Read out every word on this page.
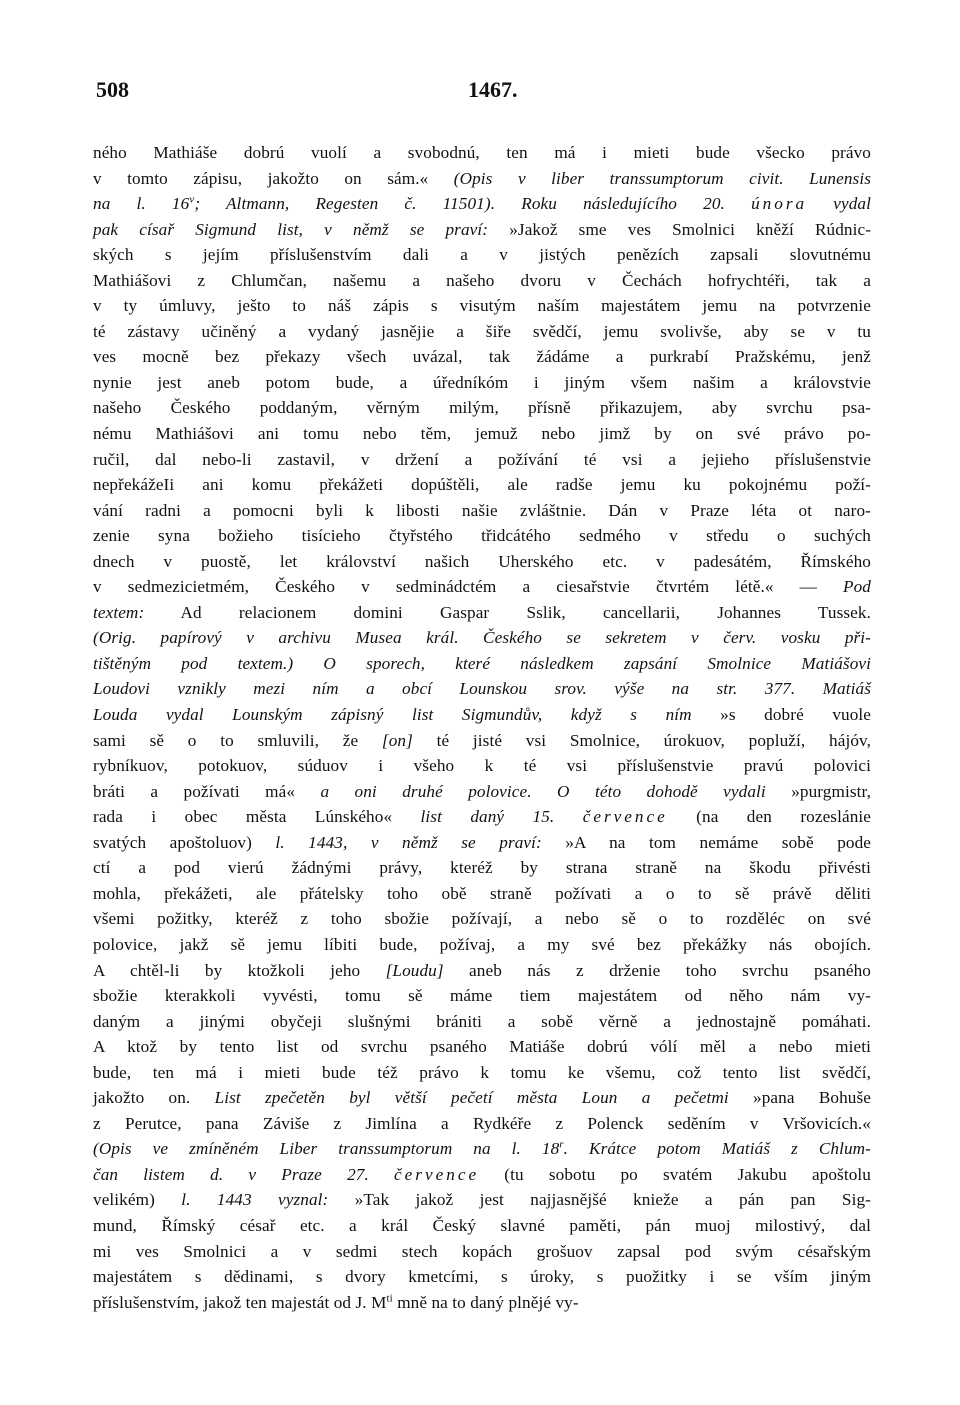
508	1467.
ného Mathiáše dobrú vuolí a svobodnú, ten má i mieti bude všecko právo
v tomto zápisu, jakožto on sám.« (Opis v liber transsumptorum civit. Lunensis
na l. 16$^v$; Altmann, Regesten č. 11501). Roku následujícího 20. února vydal
pak císař Sigmund list, v němž se praví: »Jakož sme ves Smolnici kněží Rúdnic-
ských s jejím příslušenstvím dali a v jistých penězích zapsali slovutnému
Mathiášovi z Chlumčan, našemu a našeho dvoru v Čechách hofrychtéři, tak a
v ty úmluvy, ješto to náš zápis s visutým naším majestátem jemu na potvrzenie
té zástavy učiněný a vydaný jasnějie a šiře svědčí, jemu svolivše, aby se v tu
ves mocně bez překazy všech uvázal, tak žádáme a purkrabí Pražskému, jenž
nynie jest aneb potom bude, a úředníkóm i jiným všem našim a královstvie
našeho Českého poddaným, věrným milým, přísně přikazujem, aby svrchu psa-
nému Mathiášovi ani tomu nebo těm, jemuž nebo jimž by on své právo po-
ručil, dal nebo-li zastavil, v držení a požívání té vsi a jejieho příslušenstvie
nepřekážeIi ani komu překážeti dopúštěli, ale radše jemu ku pokojnému poží-
vání radni a pomocni byli k libosti našie zvláštnie. Dán v Praze léta ot naro-
zenie syna božieho tisícieho čtyřstého třidcátého sedmého v středu o suchých
dnech v puostě, let království našich Uherského etc. v padesátém, Římského
v sedmezicietmém, Českého v sedminádctém a ciesařstvie čtvrtém létě.« — Pod
textem: Ad relacionem domini Gaspar Sslik, cancellarii, Johannes Tussek.
(Orig. papírový v archivu Musea král. Českého se sekretem v červ. vosku při-
tištěným pod textem.) O sporech, které následkem zapsání Smolnice Matiášovi
Loudovi vznikly mezi ním a obcí Lounskou srov. výše na str. 377. Matiáš
Louda vydal Lounským zápisný list Sigmundův, když s ním »s dobré vuole
sami sě o to smluvili, že [on] té jisté vsi Smolnice, úrokuov, popluží, hájóv,
rybníkuov, potokuov, súduov i všeho k té vsi příslušenstvie pravú polovici
bráti a požívati má« a oni druhé polovice. O této dohodě vydali »purgmistr,
rada i obec města Lúnského« list daný 15. července (na den rozeslánie
svatých apoštoluov) l. 1443, v němž se praví: »A na tom nemáme sobě pode
ctí a pod vierú žádnými právy, kteréž by strana straně na škodu přivésti
mohla, překážeti, ale přátelsky toho obě straně požívati a o to sě právě děliti
všemi požitky, kteréž z toho sbožie požívají, a nebo sě o to rozděléc on své
polovice, jakž sě jemu líbiti bude, požívaj, a my své bez překážky nás obojích.
A chtěl-li by ktožkoli jeho [Loudu] aneb nás z drženie toho svrchu psaného
sbožie kterakkoli vyvésti, tomu sě máme tiem majestátem od něho nám vy-
daným a jinými obyčeji slušnými brániti a sobě věrně a jednostajně pomáhati.
A ktož by tento list od svrchu psaného Matiáše dobrú vólí měl a nebo mieti
bude, ten má i mieti bude též právo k tomu ke všemu, což tento list svědčí,
jakožto on. List zpečetěn byl větší pečetí města Loun a pečetmi »pana Bohuše
z Perutce, pana Záviše z Jimlína a Rydkéře z Polenck seděním v Vršovicích.«
(Opis ve zmíněném Liber transsumptorum na l. 18$^r$. Krátce potom Matiáš z Chlum-
čan listem d. v Praze 27. července (tu sobotu po svatém Jakubu apoštolu
velikém) l. 1443 vyznal: »Tak jakož jest najjasnějšé knieže a pán pan Sig-
mund, Římský césař etc. a král Český slavné paměti, pán muoj milostivý, dal
mi ves Smolnici a v sedmi stech kopách grošuov zapsal pod svým césařským
majestátem s dědinami, s dvory kmetcími, s úroky, s puožitky i se vším jiným
příslušenstvím, jakož ten majestát od J. $M^{ti}$ mně na to daný plnějé vy-
